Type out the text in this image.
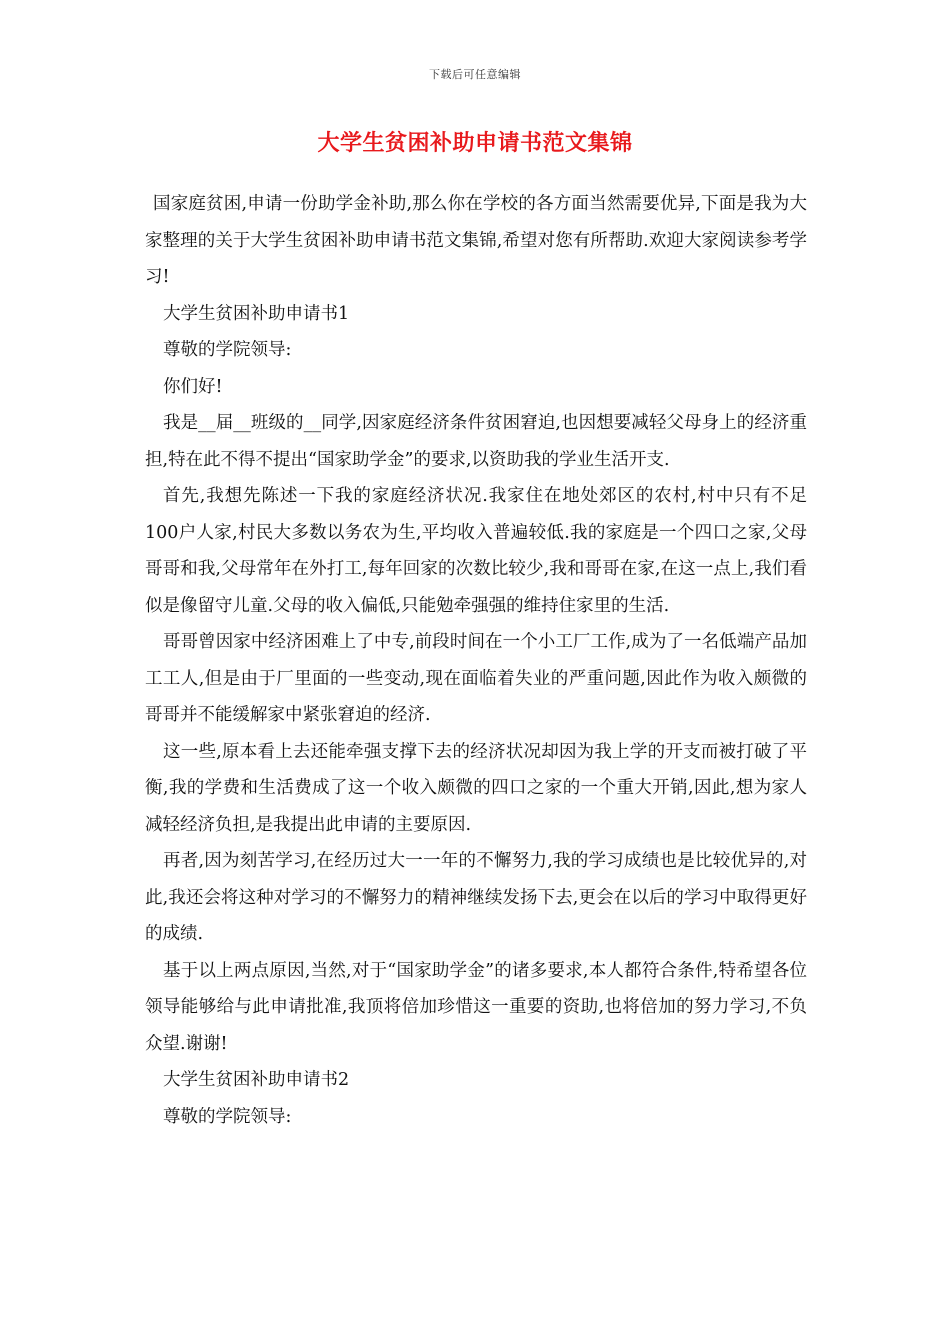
下载后可任意编辑
大学生贫困补助申请书范文集锦

国家庭贫困,申请一份助学金补助,那么你在学校的各方面当然需要优异,下面是我为大家整理的关于大学生贫困补助申请书范文集锦,希望对您有所帮助.欢迎大家阅读参考学习!

大学生贫困补助申请书1

尊敬的学院领导:

你们好!

我是__届__班级的__同学,因家庭经济条件贫困窘迫,也因想要减轻父母身上的经济重担,特在此不得不提出“国家助学金”的要求,以资助我的学业生活开支.

首先,我想先陈述一下我的家庭经济状况.我家住在地处郊区的农村,村中只有不足100户人家,村民大多数以务农为生,平均收入普遍较低.我的家庭是一个四口之家,父母哥哥和我,父母常年在外打工,每年回家的次数比较少,我和哥哥在家,在这一点上,我们看似是像留守儿童.父母的收入偏低,只能勉牵强强的维持住家里的生活.

哥哥曾因家中经济困难上了中专,前段时间在一个小工厂工作,成为了一名低端产品加工工人,但是由于厂里面的一些变动,现在面临着失业的严重问题,因此作为收入颇微的哥哥并不能缓解家中紧张窘迫的经济.

这一些,原本看上去还能牵强支撑下去的经济状况却因为我上学的开支而被打破了平衡,我的学费和生活费成了这一个收入颇微的四口之家的一个重大开销,因此,想为家人减轻经济负担,是我提出此申请的主要原因.

再者,因为刻苦学习,在经历过大一一年的不懈努力,我的学习成绩也是比较优异的,对此,我还会将这种对学习的不懈努力的精神继续发扬下去,更会在以后的学习中取得更好的成绩.

基于以上两点原因,当然,对于“国家助学金”的诸多要求,本人都符合条件,特希望各位领导能够给与此申请批准,我顶将倍加珍惜这一重要的资助,也将倍加的努力学习,不负众望.谢谢!

大学生贫困补助申请书2

尊敬的学院领导:
